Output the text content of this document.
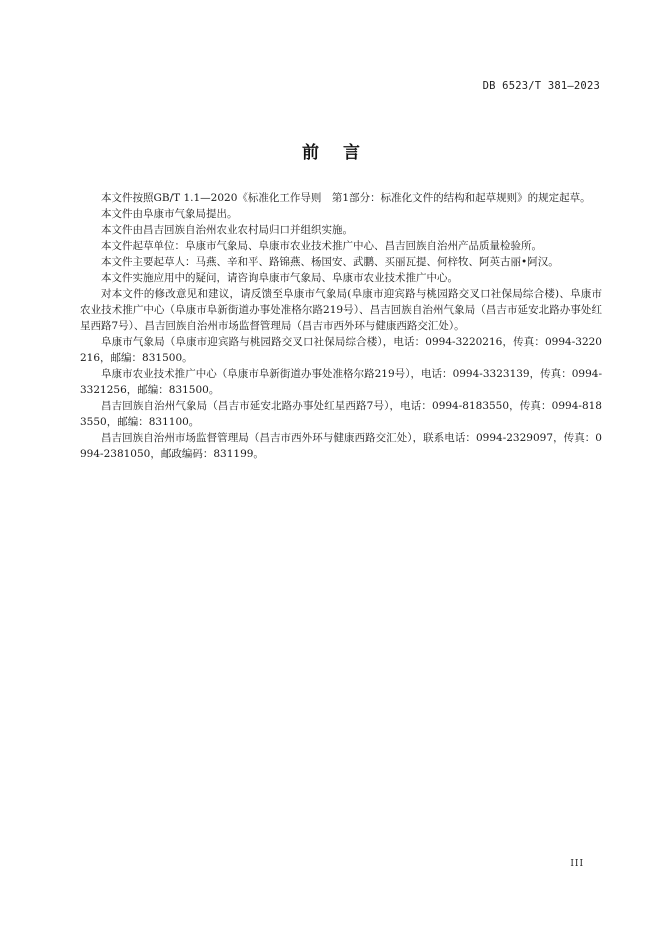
DB 6523/T 381—2023
前言

本文件按照GB/T 1.1—2020《标准化工作导则　第1部分：标准化文件的结构和起草规则》的规定起草。

本文件由阜康市气象局提出。

本文件由昌吉回族自治州农业农村局归口并组织实施。

本文件起草单位：阜康市气象局、阜康市农业技术推广中心、昌吉回族自治州产品质量检验所。

本文件主要起草人：马燕、辛和平、路锦燕、杨国安、武鹏、买丽瓦提、何梓牧、阿英古丽•阿汉。

本文件实施应用中的疑问，请咨询阜康市气象局、阜康市农业技术推广中心。

对本文件的修改意见和建议，请反馈至阜康市气象局(阜康市迎宾路与桃园路交叉口社保局综合楼)、阜康市农业技术推广中心（阜康市阜新街道办事处准格尔路219号）、昌吉回族自治州气象局（昌吉市延安北路办事处红星西路7号）、昌吉回族自治州市场监督管理局（昌吉市西外环与健康西路交汇处）。

阜康市气象局（阜康市迎宾路与桃园路交叉口社保局综合楼），电话：0994-3220216，传真：0994-3220216，邮编：831500。

阜康市农业技术推广中心（阜康市阜新街道办事处准格尔路219号），电话：0994-3323139，传真：0994-3321256，邮编：831500。

昌吉回族自治州气象局（昌吉市延安北路办事处红星西路7号），电话：0994-8183550，传真：0994-8183550，邮编：831100。

昌吉回族自治州市场监督管理局（昌吉市西外环与健康西路交汇处），联系电话：0994-2329097，传真：0994-2381050，邮政编码：831199。

III
